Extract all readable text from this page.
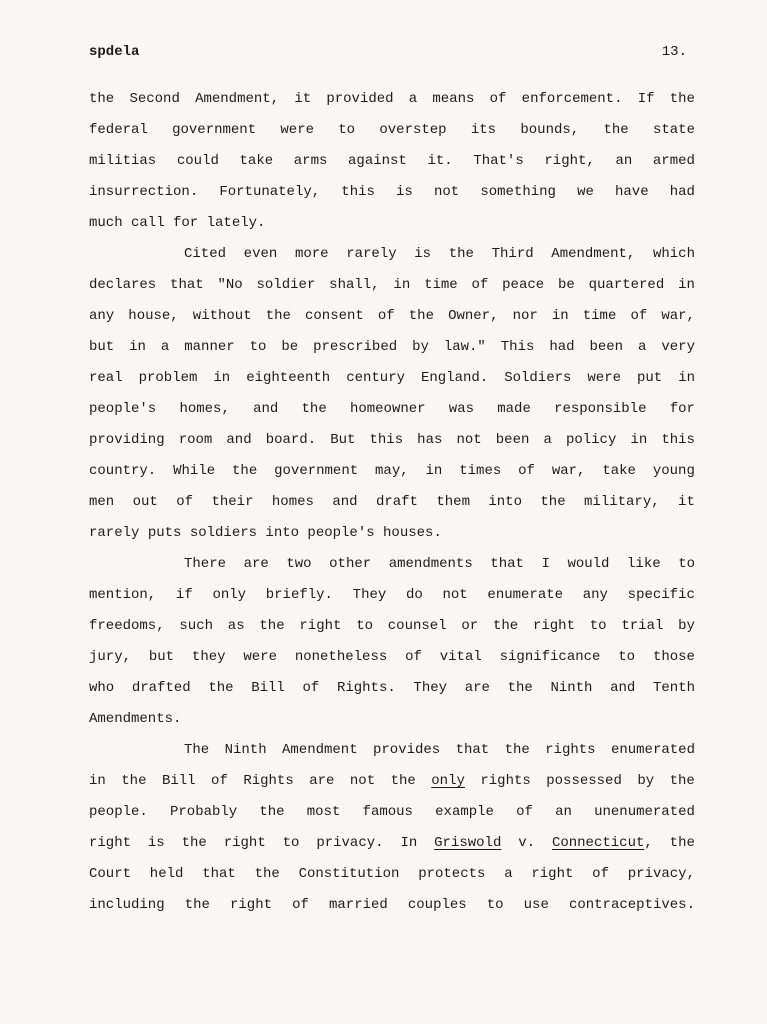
spdela	13.
the Second Amendment, it provided a means of enforcement. If the
federal government were to overstep its bounds, the state
militias could take arms against it. That's right, an armed
insurrection. Fortunately, this is not something we have had
much call for lately.
Cited even more rarely is the Third Amendment, which
declares that "No soldier shall, in time of peace be quartered in
any house, without the consent of the Owner, nor in time of war,
but in a manner to be prescribed by law." This had been a very
real problem in eighteenth century England. Soldiers were put in
people's homes, and the homeowner was made responsible for
providing room and board. But this has not been a policy in this
country. While the government may, in times of war, take young
men out of their homes and draft them into the military, it
rarely puts soldiers into people's houses.
There are two other amendments that I would like to
mention, if only briefly. They do not enumerate any specific
freedoms, such as the right to counsel or the right to trial by
jury, but they were nonetheless of vital significance to those
who drafted the Bill of Rights. They are the Ninth and Tenth
Amendments.
The Ninth Amendment provides that the rights enumerated
in the Bill of Rights are not the only rights possessed by the
people. Probably the most famous example of an unenumerated
right is the right to privacy. In Griswold v. Connecticut, the
Court held that the Constitution protects a right of privacy,
including the right of married couples to use contraceptives.
